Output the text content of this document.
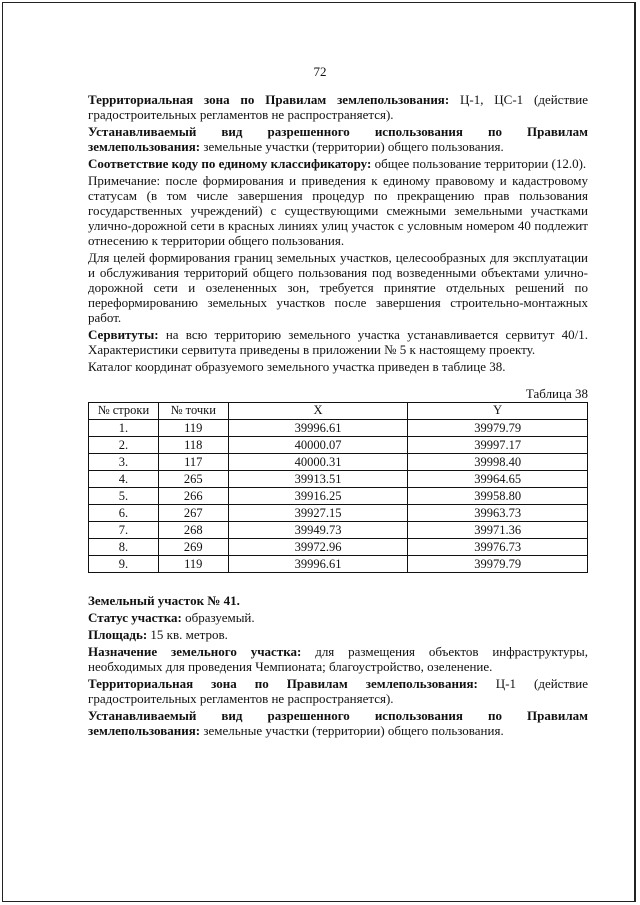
72

Территориальная зона по Правилам землепользования: Ц-1, ЦС-1 (действие градостроительных регламентов не распространяется).

Устанавливаемый вид разрешенного использования по Правилам землепользования: земельные участки (территории) общего пользования.

Соответствие коду по единому классификатору: общее пользование территории (12.0).

Примечание: после формирования и приведения к единому правовому и кадастровому статусам (в том числе завершения процедур по прекращению прав пользования государственных учреждений) с существующими смежными земельными участками улично-дорожной сети в красных линиях улиц участок с условным номером 40 подлежит отнесению к территории общего пользования.

Для целей формирования границ земельных участков, целесообразных для эксплуатации и обслуживания территорий общего пользования под возведенными объектами улично-дорожной сети и озелененных зон, требуется принятие отдельных решений по переформированию земельных участков после завершения строительно-монтажных работ.

Сервитуты: на всю территорию земельного участка устанавливается сервитут 40/1. Характеристики сервитута приведены в приложении № 5 к настоящему проекту.

Каталог координат образуемого земельного участка приведен в таблице 38.

Таблица 38
№ строки	№ точки	X	Y
1.	119	39996.61	39979.79
2.	118	40000.07	39997.17
3.	117	40000.31	39998.40
4.	265	39913.51	39964.65
5.	266	39916.25	39958.80
6.	267	39927.15	39963.73
7.	268	39949.73	39971.36
8.	269	39972.96	39976.73
9.	119	39996.61	39979.79

Земельный участок № 41.

Статус участка: образуемый.

Площадь: 15 кв. метров.

Назначение земельного участка: для размещения объектов инфраструктуры, необходимых для проведения Чемпионата; благоустройство, озеленение.

Территориальная зона по Правилам землепользования: Ц-1 (действие градостроительных регламентов не распространяется).

Устанавливаемый вид разрешенного использования по Правилам землепользования: земельные участки (территории) общего пользования.
